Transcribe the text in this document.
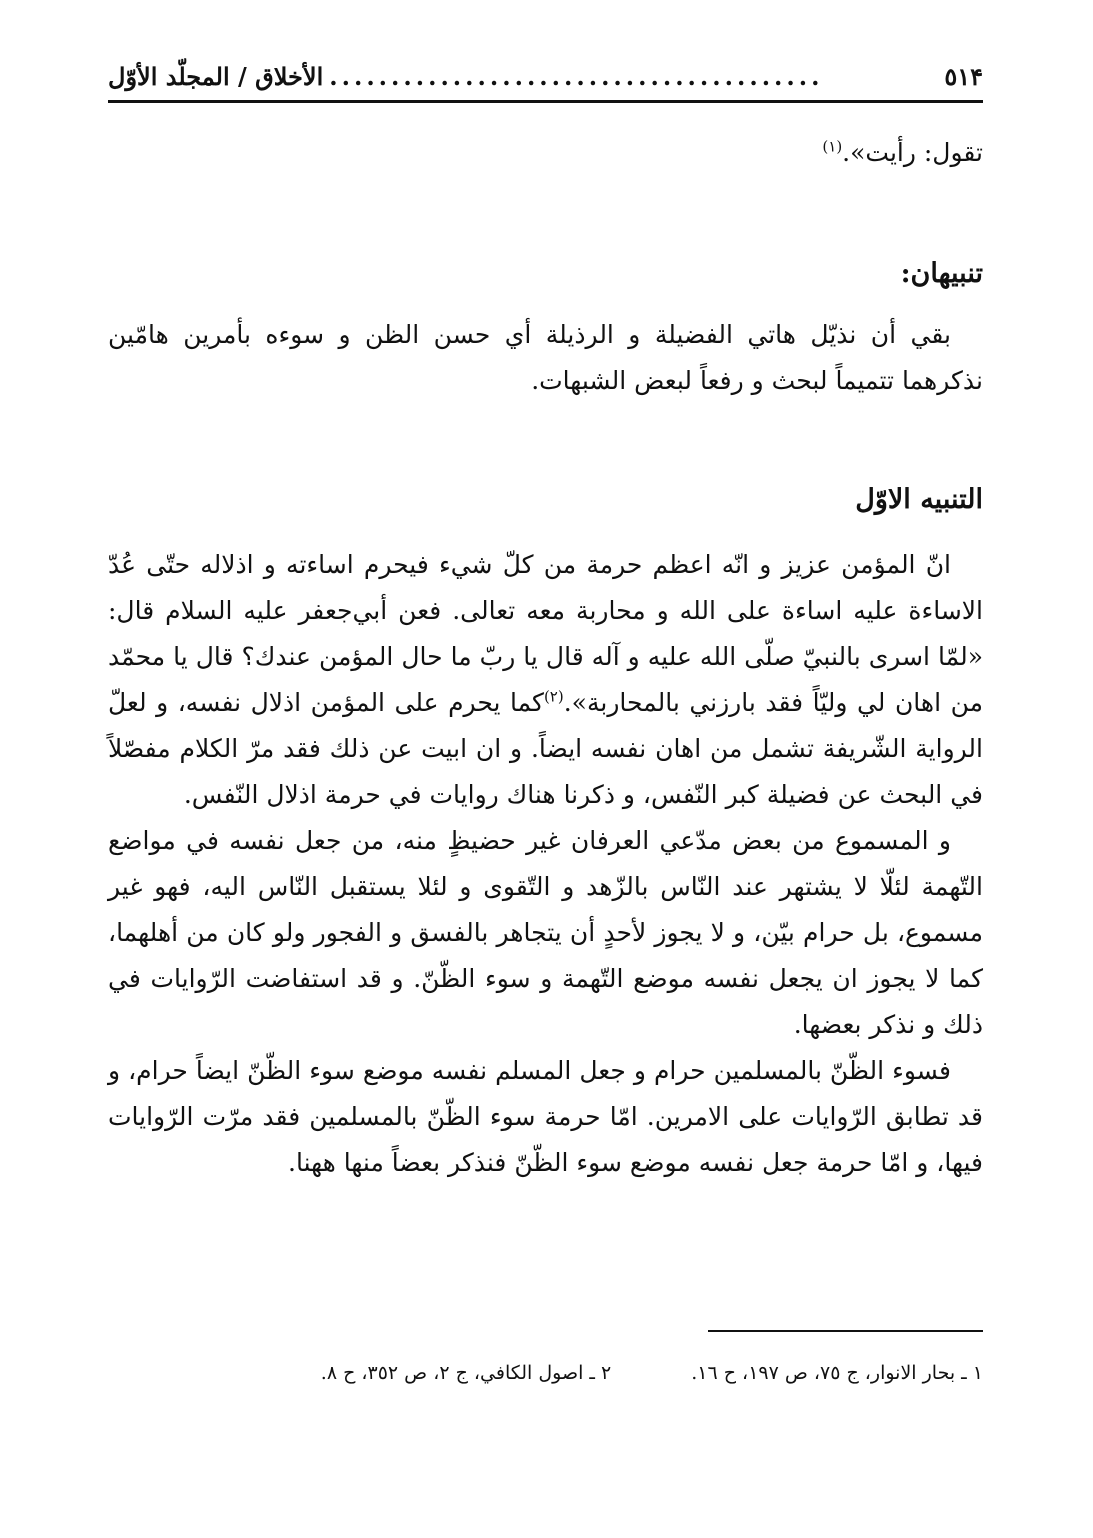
٥١۴
........................................
الأخلاق / المجلّد الأوّل
تقول: رأيت».$^{(١)}$
تنبيهان:

بقي أن نذيّل هاتي الفضيلة و الرذيلة أي حسن الظن و سوءه بأمرين هامّين نذكرهما تتميماً لبحث و رفعاً لبعض الشبهات.

التنبيه الاوّل

انّ المؤمن عزيز و انّه اعظم حرمة من كلّ شيء فيحرم اساءته و اذلاله حتّى عُدّ الاساءة عليه اساءة على الله و محاربة معه تعالى. فعن أبي‌جعفر عليه السلام قال: «لمّا اسرى بالنبيّ صلّى الله عليه و آله قال يا ربّ ما حال المؤمن عندك؟ قال يا محمّد من اهان لي وليّاً فقد بارزني بالمحاربة».$^{(٢)}$كما يحرم على المؤمن اذلال نفسه، و لعلّ الرواية الشّريفة تشمل من اهان نفسه ايضاً. و ان ابيت عن ذلك فقد مرّ الكلام مفصّلاً في البحث عن فضيلة كبر النّفس، و ذكرنا هناك روايات في حرمة اذلال النّفس.

و المسموع من بعض مدّعي العرفان غير حضيظٍ منه، من جعل نفسه في مواضع التّهمة لئلّا لا يشتهر عند النّاس بالزّهد و التّقوى و لئلا يستقبل النّاس اليه، فهو غير مسموع، بل حرام بيّن، و لا يجوز لأحدٍ أن يتجاهر بالفسق و الفجور ولو كان من أهلهما، كما لا يجوز ان يجعل نفسه موضع التّهمة و سوء الظّنّ. و قد استفاضت الرّوايات في ذلك و نذكر بعضها.

فسوء الظّنّ بالمسلمين حرام و جعل المسلم نفسه موضع سوء الظّنّ ايضاً حرام، و قد تطابق الرّوايات على الامرين. امّا حرمة سوء الظّنّ بالمسلمين فقد مرّت الرّوايات فيها، و امّا حرمة جعل نفسه موضع سوء الظّنّ فنذكر بعضاً منها ههنا.

١ ـ بحار الانوار، ج ٧٥، ص ١٩٧، ح ١٦.
٢ ـ اصول الكافي، ج ٢، ص ٣٥٢، ح ٨.
